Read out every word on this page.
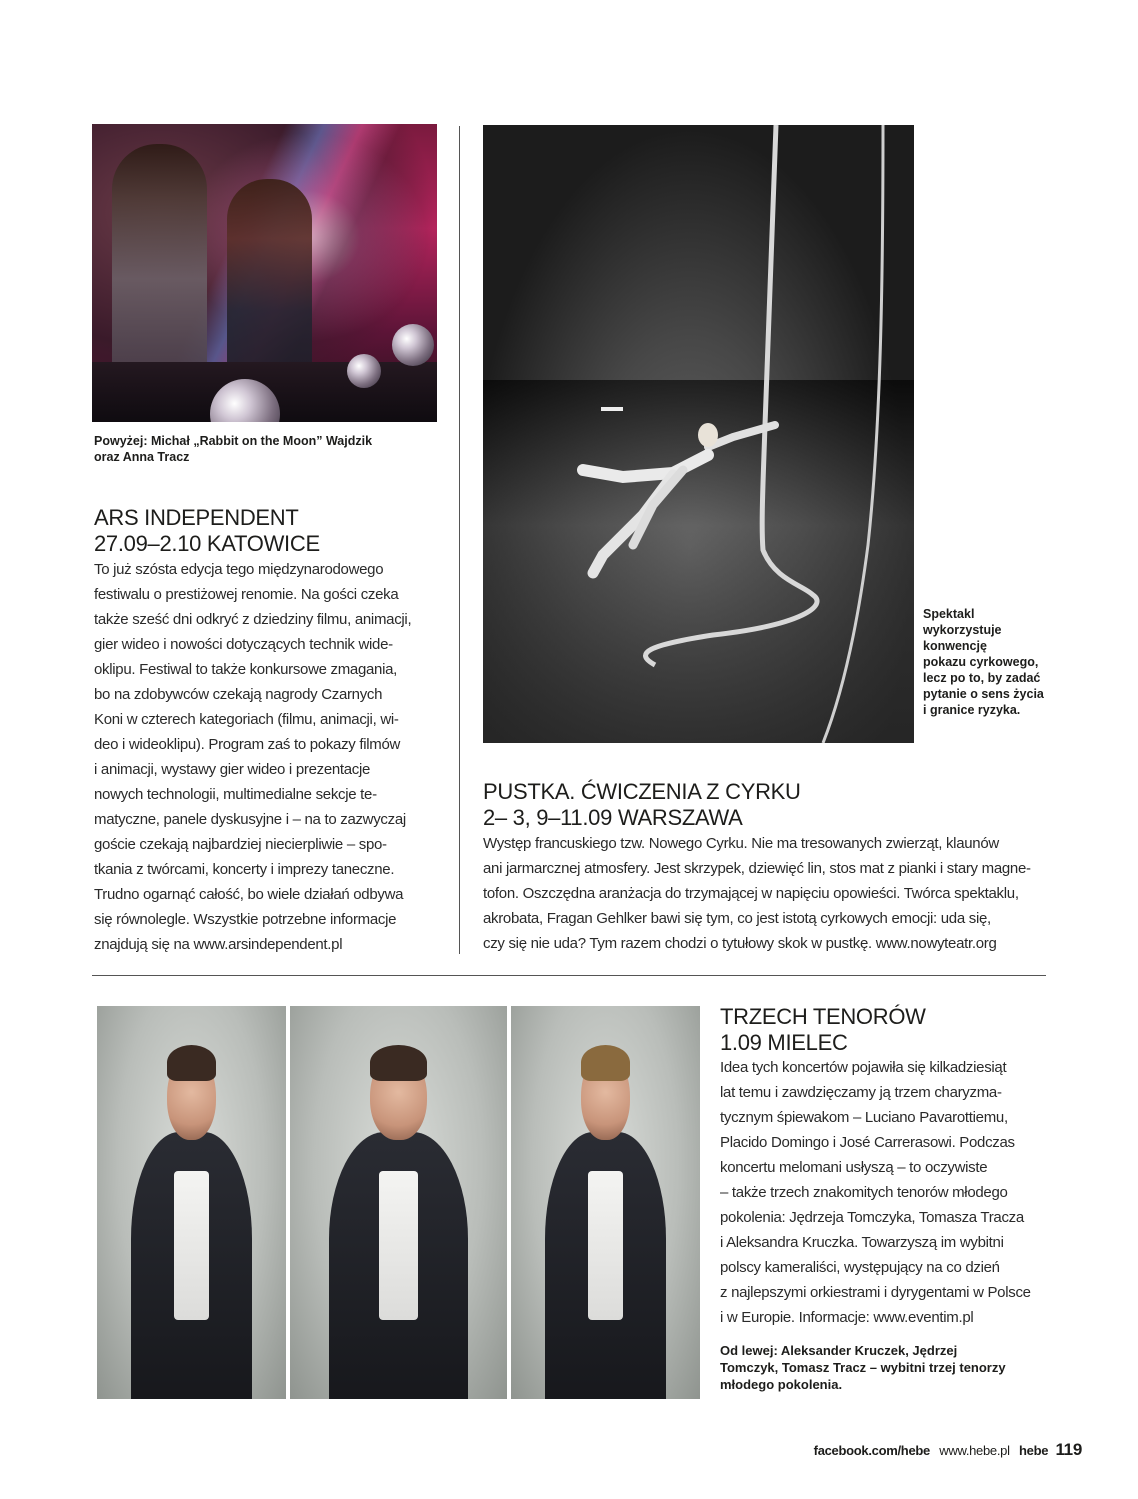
Powyżej: Michał „Rabbit on the Moon” Wajdzik
oraz Anna Tracz
ARS INDEPENDENT
27.09–2.10 KATOWICE
To już szósta edycja tego międzynarodowego
festiwalu o prestiżowej renomie. Na gości czeka
także sześć dni odkryć z dziedziny filmu, animacji,
gier wideo i nowości dotyczących technik wide-
oklipu. Festiwal to także konkursowe zmagania,
bo na zdobywców czekają nagrody Czarnych
Koni w czterech kategoriach (filmu, animacji, wi-
deo i wideoklipu). Program zaś to pokazy filmów
i animacji, wystawy gier wideo i prezentacje
nowych technologii, multimedialne sekcje te-
matyczne, panele dyskusyjne i – na to zazwyczaj
goście czekają najbardziej niecierpliwie – spo-
tkania z twórcami, koncerty i imprezy taneczne.
Trudno ogarnąć całość, bo wiele działań odbywa
się równolegle. Wszystkie potrzebne informacje
znajdują się na www.arsindependent.pl
Spektakl
wykorzystuje
konwencję
pokazu cyrkowego,
lecz po to, by zadać
pytanie o sens życia
i granice ryzyka.
PUSTKA. ĆWICZENIA Z CYRKU
2– 3, 9–11.09 WARSZAWA
Występ francuskiego tzw. Nowego Cyrku. Nie ma tresowanych zwierząt, klaunów
ani jarmarcznej atmosfery. Jest skrzypek, dziewięć lin, stos mat z pianki i stary magne-
tofon. Oszczędna aranżacja do trzymającej w napięciu opowieści. Twórca spektaklu,
akrobata, Fragan Gehlker bawi się tym, co jest istotą cyrkowych emocji: uda się,
czy się nie uda? Tym razem chodzi o tytułowy skok w pustkę. www.nowyteatr.org
TRZECH TENORÓW
1.09 MIELEC
Idea tych koncertów pojawiła się kilkadziesiąt
lat temu i zawdzięczamy ją trzem charyzma-
tycznym śpiewakom – Luciano Pavarottiemu,
Placido Domingo i José Carrerasowi. Podczas
koncertu melomani usłyszą – to oczywiste
– także trzech znakomitych tenorów młodego
pokolenia: Jędrzeja Tomczyka, Tomasza Tracza
i Aleksandra Kruczka. Towarzyszą im wybitni
polscy kameraliści, występujący na co dzień
z najlepszymi orkiestrami i dyrygentami w Polsce
i w Europie. Informacje: www.eventim.pl
Od lewej: Aleksander Kruczek, Jędrzej
Tomczyk, Tomasz Tracz – wybitni trzej tenorzy
młodego pokolenia.
facebook.com/hebe www.hebe.pl hebe 119
